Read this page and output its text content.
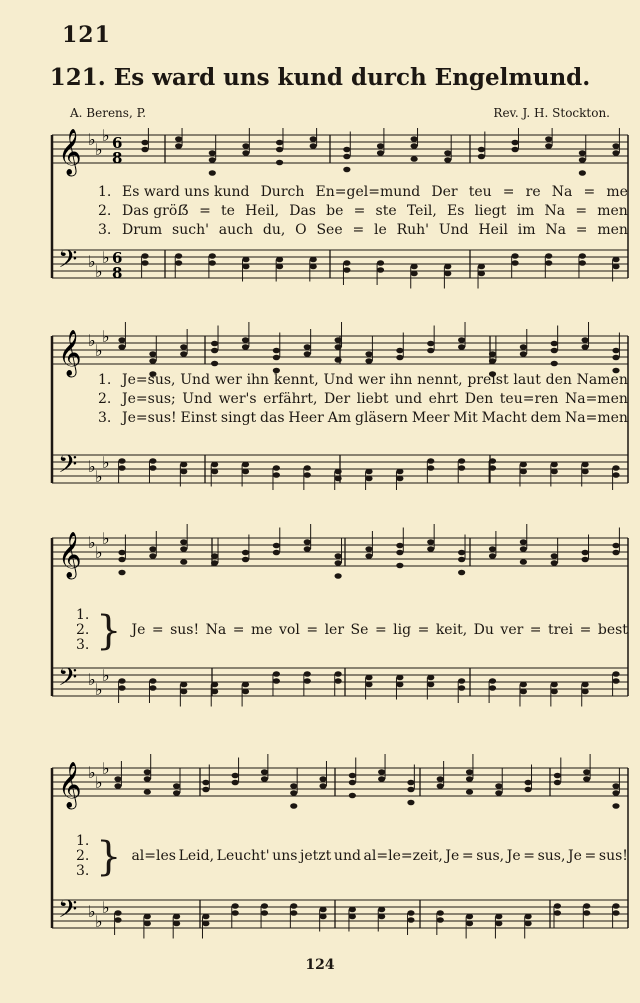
121
121. Es ward uns kund durch Engelmund.
A. Berens, P.	Rev. J. H. Stockton.
𝄞
𝄢
♭
♭
♭
♭
♭
♭
6
8
6
8
1. Es ward uns kund Durch En=gel=mund Der teu = re Na = me
2. Das gröẞ = te Heil, Das be = ste Teil, Es liegt im Na = men
3. Drum such' auch du, O See = le Ruh' Und Heil im Na = men
𝄞
𝄢
♭
♭
♭
♭
♭
♭
1. Je=sus, Und wer ihn kennt, Und wer ihn nennt, preist laut den Namen
2. Je=sus; Und wer's erfährt, Der liebt und ehrt Den teu=ren Na=men
3. Je=sus! Einst singt das Heer Am gläsern Meer Mit Macht dem Na=men
𝄞
𝄢
♭
♭
♭
♭
♭
♭
1.
2.
3. } Je = sus! Na = me vol = ler Se = lig = keit, Du ver = trei = best
𝄞
𝄢
♭
♭
♭
♭
♭
♭
1.
2.
3. } al=les Leid, Leucht' uns jetzt und al=le=zeit, Je = sus, Je = sus, Je = sus!
124
